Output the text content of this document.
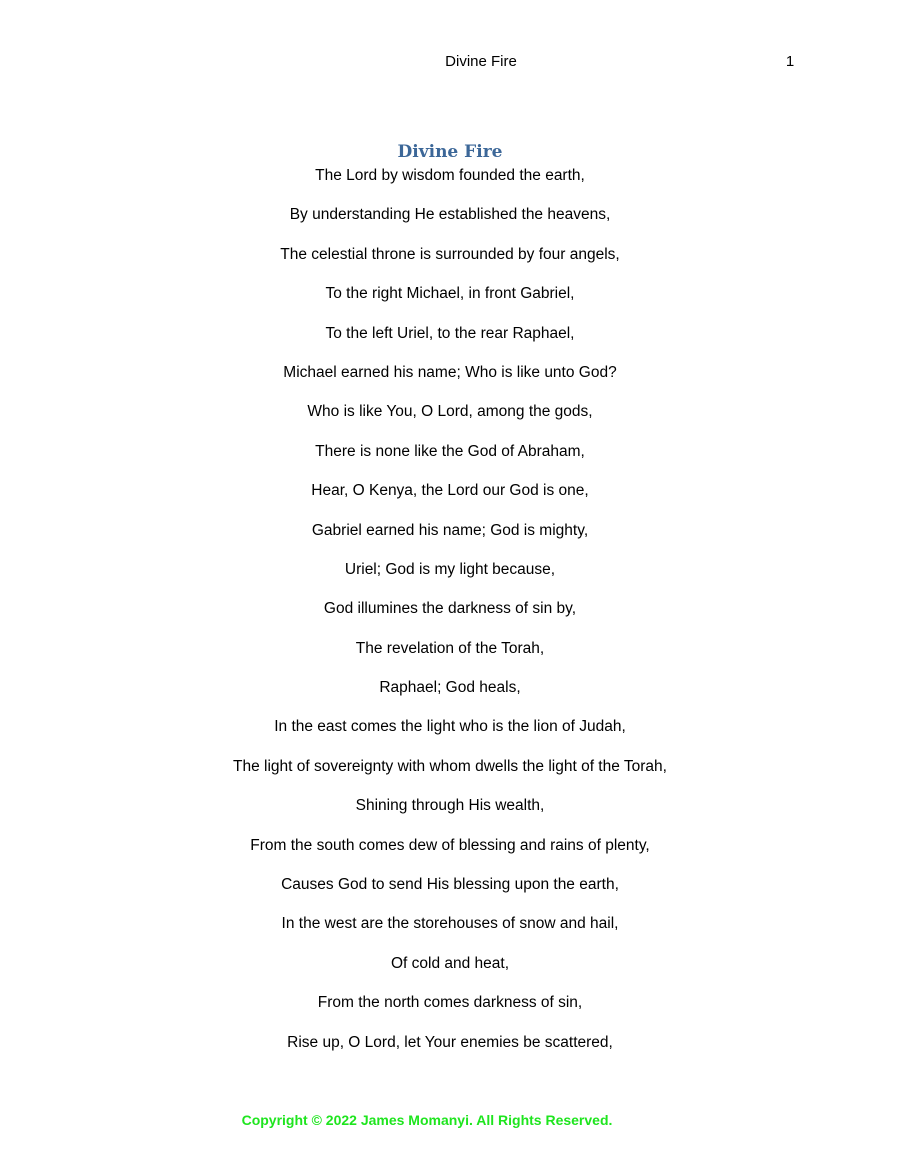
Divine Fire	1
Divine Fire
The Lord by wisdom founded the earth,
By understanding He established the heavens,
The celestial throne is surrounded by four angels,
To the right Michael, in front Gabriel,
To the left Uriel, to the rear Raphael,
Michael earned his name; Who is like unto God?
Who is like You, O Lord, among the gods,
There is none like the God of Abraham,
Hear, O Kenya, the Lord our God is one,
Gabriel earned his name; God is mighty,
Uriel; God is my light because,
God illumines the darkness of sin by,
The revelation of the Torah,
Raphael; God heals,
In the east comes the light who is the lion of Judah,
The light of sovereignty with whom dwells the light of the Torah,
Shining through His wealth,
From the south comes dew of blessing and rains of plenty,
Causes God to send His blessing upon the earth,
In the west are the storehouses of snow and hail,
Of cold and heat,
From the north comes darkness of sin,
Rise up, O Lord, let Your enemies be scattered,
Copyright © 2022 James Momanyi. All Rights Reserved.
